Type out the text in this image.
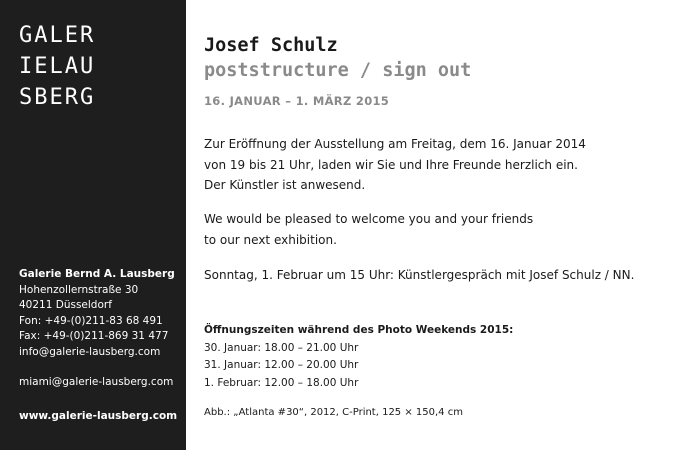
GALER
IELAU
SBERG
Galerie Bernd A. Lausberg
Hohenzollernstraße 30
40211 Düsseldorf
Fon: +49-(0)211-83 68 491
Fax: +49-(0)211-869 31 477
info@galerie-lausberg.com
miami@galerie-lausberg.com
www.galerie-lausberg.com
Josef Schulz
poststructure / sign out
16. JANUAR – 1. MÄRZ 2015
Zur Eröffnung der Ausstellung am Freitag, dem 16. Januar 2014
von 19 bis 21 Uhr, laden wir Sie und Ihre Freunde herzlich ein.
Der Künstler ist anwesend.
We would be pleased to welcome you and your friends
to our next exhibition.
Sonntag, 1. Februar um 15 Uhr: Künstlergespräch mit Josef Schulz / NN.
Öffnungszeiten während des Photo Weekends 2015:
30. Januar: 18.00 – 21.00 Uhr
31. Januar: 12.00 – 20.00 Uhr
1. Februar: 12.00 – 18.00 Uhr
Abb.: „Atlanta #30“, 2012, C-Print, 125 × 150,4 cm
